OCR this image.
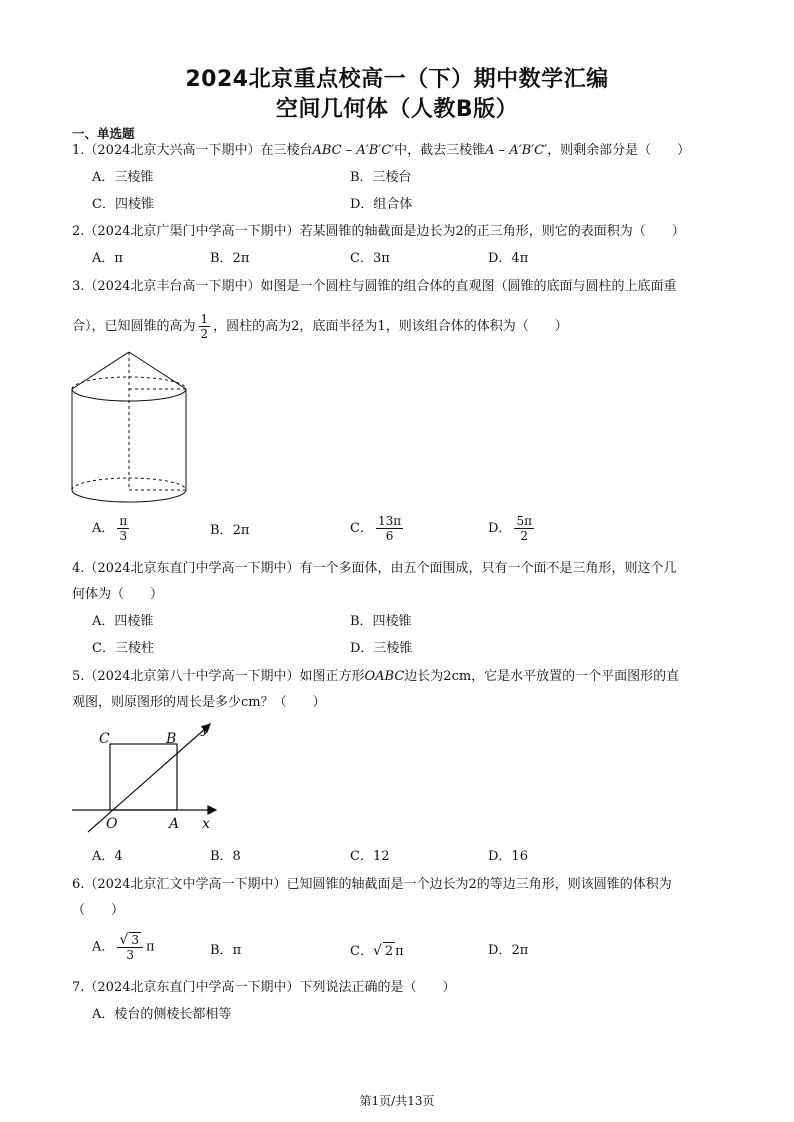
2024北京重点校高一（下）期中数学汇编
空间几何体（人教B版）
一、单选题
1.（2024北京大兴高一下期中）在三棱台ABC – A′B′C′中，截去三棱锥A – A′B′C′，则剩余部分是（　　）
A．三棱锥	B．三棱台
C．四棱锥	D．组合体
2.（2024北京广渠门中学高一下期中）若某圆锥的轴截面是边长为2的正三角形，则它的表面积为（　　）
A．π	B．2π	C．3π	D．4π
3.（2024北京丰台高一下期中）如图是一个圆柱与圆锥的组合体的直观图（圆锥的底面与圆柱的上底面重
合），已知圆锥的高为 $\frac{1}{2}$ ，圆柱的高为2，底面半径为1，则该组合体的体积为（　　）
A． $\frac{\pi}{3}$	B．2π	C． $\frac{13\pi}{6}$	D． $\frac{5\pi}{2}$
4.（2024北京东直门中学高一下期中）有一个多面体，由五个面围成，只有一个面不是三角形，则这个几
何体为（　　）
A．四棱锥	B．四棱锥
C．三棱柱	D．三棱锥
5.（2024北京第八十中学高一下期中）如图正方形OABC边长为2cm，它是水平放置的一个平面图形的直
观图，则原图形的周长是多少cm？（　　）
C	B
y
O	A x
A．4	B．8	C．12	D．16
6.（2024北京汇文中学高一下期中）已知圆锥的轴截面是一个边长为2的等边三角形，则该圆锥的体积为
（　　）
A． $\frac{√ 3}{3}$ π	B．π	C．√ 2 π	D．2π
7.（2024北京东直门中学高一下期中）下列说法正确的是（　　）
A．棱台的侧棱长都相等
第1页/共13页
